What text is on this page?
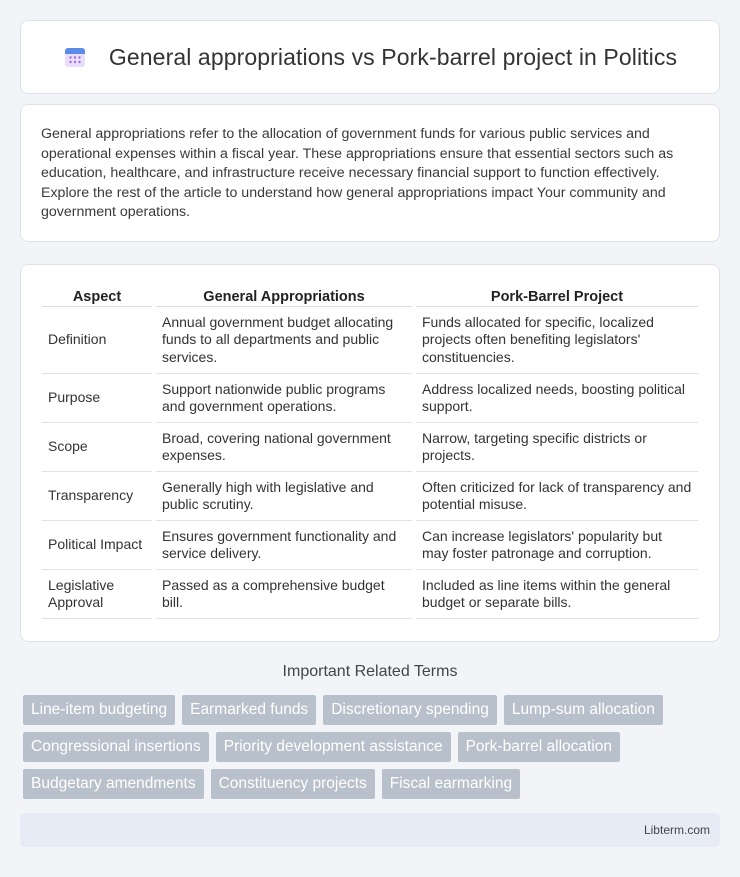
General appropriations vs Pork-barrel project in Politics

General appropriations refer to the allocation of government funds for various public services and operational expenses within a fiscal year. These appropriations ensure that essential sectors such as education, healthcare, and infrastructure receive necessary financial support to function effectively. Explore the rest of the article to understand how general appropriations impact Your community and government operations.

Aspect		General Appropriations		Pork-Barrel Project
Definition		Annual government budget allocating funds to all departments and public services.		Funds allocated for specific, localized projects often benefiting legislators' constituencies.
Purpose		Support nationwide public programs and government operations.		Address localized needs, boosting political support.
Scope		Broad, covering national government expenses.		Narrow, targeting specific districts or projects.
Transparency		Generally high with legislative and public scrutiny.		Often criticized for lack of transparency and potential misuse.
Political Impact		Ensures government functionality and service delivery.		Can increase legislators' popularity but may foster patronage and corruption.
Legislative Approval		Passed as a comprehensive budget bill.		Included as line items within the general budget or separate bills.
Important Related Terms
Line-item budgeting	Earmarked funds	Discretionary spending	Lump-sum allocation
Congressional insertions	Priority development assistance	Pork-barrel allocation
Budgetary amendments	Constituency projects	Fiscal earmarking
Libterm.com
